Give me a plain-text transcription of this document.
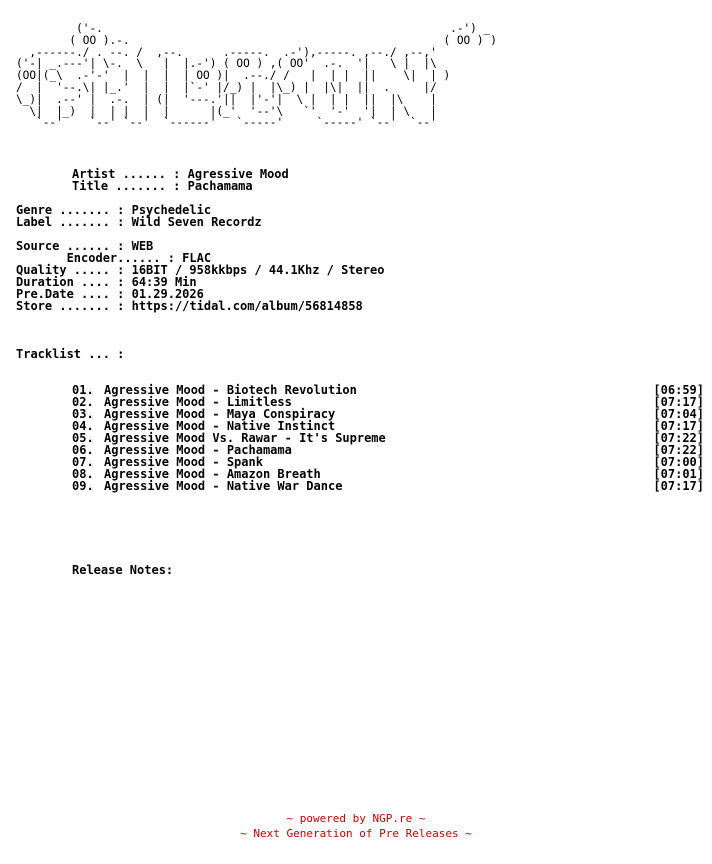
('-.                                                    .-') _
( OO ).-.                                               ( OO ) )
,------./ . --. /  ,--.      .-----.  .-'),-----. ,--./ ,--,'
('-| _.---'| \-.  \   |  |.-') ( OO ) ,( OO'  .-.  '|   \ |  |\
(OO|(_\  .-'-'  |  |  |  | OO )|  .--./ /   |  | |  ||    \|  | )
/  |  '--.\| |_.'  |  |  |`-' |/_) |  |\_) |  |\|  ||  .     |/
\_)|  .--' |  .-.  | (|  '---.'||  |'-'|  \ |  | |  ||  |\    |
\|  |_)  |  | |  |  |      |(_'  '--'\   `'  '-'  '|  | \   |
`--'    `--' `--'  `------'   `-----'     `-----' `--'  `--'
Artist ...... : Agressive Mood
Title ....... : Pachamama
Genre ....... : Psychedelic
Label ....... : Wild Seven Recordz
Source ...... : WEB
Encoder...... : FLAC
Quality ..... : 16BIT / 958kkbps / 44.1Khz / Stereo
Duration .... : 64:39 Min
Pre.Date .... : 01.29.2026
Store ....... : https://tidal.com/album/56814858
Tracklist ... :
01. Agressive Mood - Biotech Revolution	[06:59]
02. Agressive Mood - Limitless	[07:17]
03. Agressive Mood - Maya Conspiracy	[07:04]
04. Agressive Mood - Native Instinct	[07:17]
05. Agressive Mood Vs. Rawar - It's Supreme	[07:22]
06. Agressive Mood - Pachamama	[07:22]
07. Agressive Mood - Spank	[07:00]
08. Agressive Mood - Amazon Breath	[07:01]
09. Agressive Mood - Native War Dance	[07:17]
Release Notes:
~ powered by NGP.re ~
~ Next Generation of Pre Releases ~
